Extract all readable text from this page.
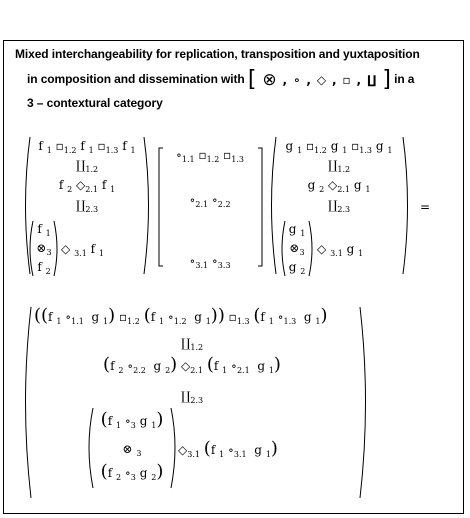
Mixed interchangeability for replication, transposition and yuxtaposition
in composition and dissemination with [ ⊗ , ∘ , ◇ , ▫ , ∐ ] in a
3 – contextural category
f $_1$ $▫_{1.2}$ f $_1$ $▫_{1.3}$ f $_1$
$∐_{1.2}$
f $_2$ $◇_{2.1}$ f $_1$
$∐_{2.3}$
f $_1$
$\otimes_3$
f $_2$
◇ $_{3.1}$ f $_1$
$\circ_{1.1}$ $▫_{1.2}$ $▫_{1.3}$
$\circ_{2.1}$ $\circ_{2.2}$
$\circ_{3.1}$ $\circ_{3.3}$
g $_1$ $▫_{1.2}$ g $_1$ $▫_{1.3}$ g $_1$
$∐_{1.2}$
g $_2$ $◇_{2.1}$ g $_1$
$∐_{2.3}$
g $_1$
$\otimes_3$
g $_2$
◇ $_{3.1}$ g $_1$
=
((f $_1$ $\circ_{1.1}$ g $_1$) $▫_{1.2}$ (f $_1$ $\circ_{1.2}$ g $_1$)) $▫_{1.3}$ (f $_1$ $\circ_{1.3}$ g $_1$)
$∐_{1.2}$
(f $_2$ $\circ_{2.2}$ g $_2$) $◇_{2.1}$ (f $_1$ $\circ_{2.1}$ g $_1$)
$∐_{2.3}$
(f $_1$ $\circ_3$ g $_1$)
⊗ $_3$
(f $_2$ $\circ_3$ g $_2$)
$◇_{3.1}$ (f $_1$ $\circ_{3.1}$ g $_1$)
